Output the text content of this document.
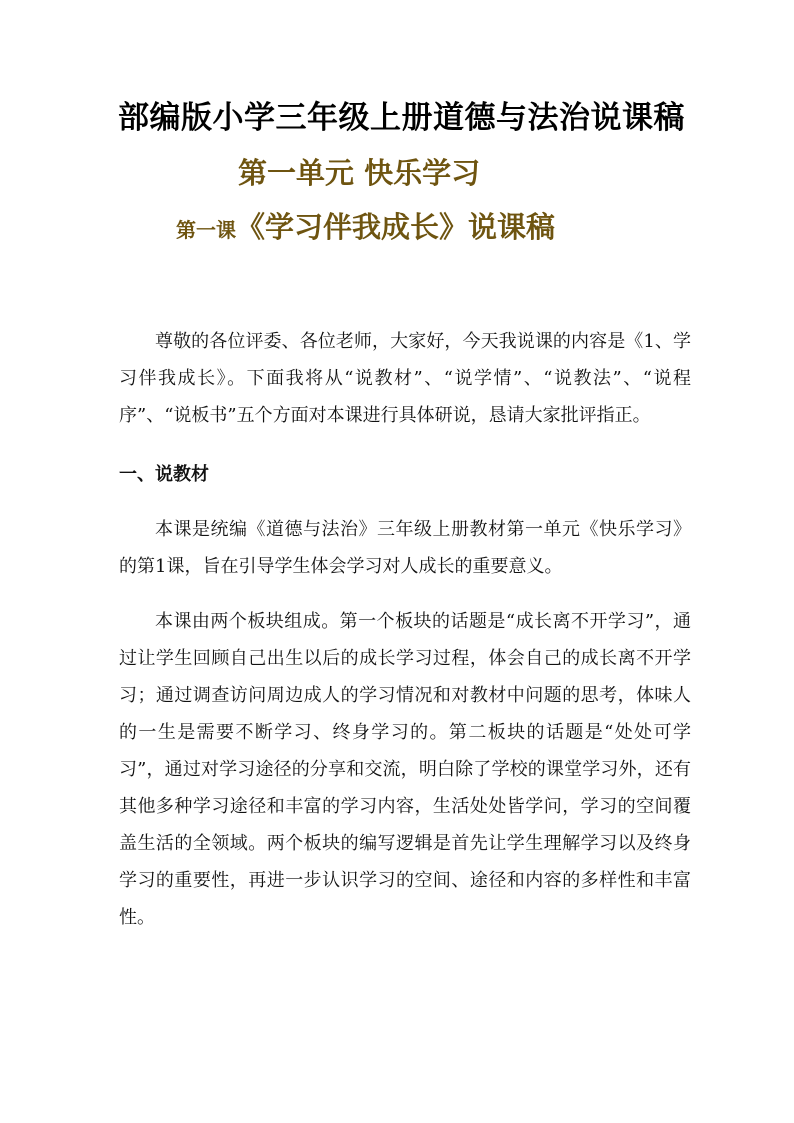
部编版小学三年级上册道德与法治说课稿
第一单元 快乐学习
第一课《学习伴我成长》说课稿

尊敬的各位评委、各位老师，大家好，今天我说课的内容是《1、学习伴我成长》。下面我将从“说教材”、“说学情”、“说教法”、“说程序”、“说板书”五个方面对本课进行具体研说，恳请大家批评指正。

一、说教材

本课是统编《道德与法治》三年级上册教材第一单元《快乐学习》的第1课，旨在引导学生体会学习对人成长的重要意义。

本课由两个板块组成。第一个板块的话题是“成长离不开学习”，通过让学生回顾自己出生以后的成长学习过程，体会自己的成长离不开学习；通过调查访问周边成人的学习情况和对教材中问题的思考，体味人的一生是需要不断学习、终身学习的。第二板块的话题是“处处可学习”，通过对学习途径的分享和交流，明白除了学校的课堂学习外，还有其他多种学习途径和丰富的学习内容，生活处处皆学问，学习的空间覆盖生活的全领域。两个板块的编写逻辑是首先让学生理解学习以及终身学习的重要性，再进一步认识学习的空间、途径和内容的多样性和丰富性。
